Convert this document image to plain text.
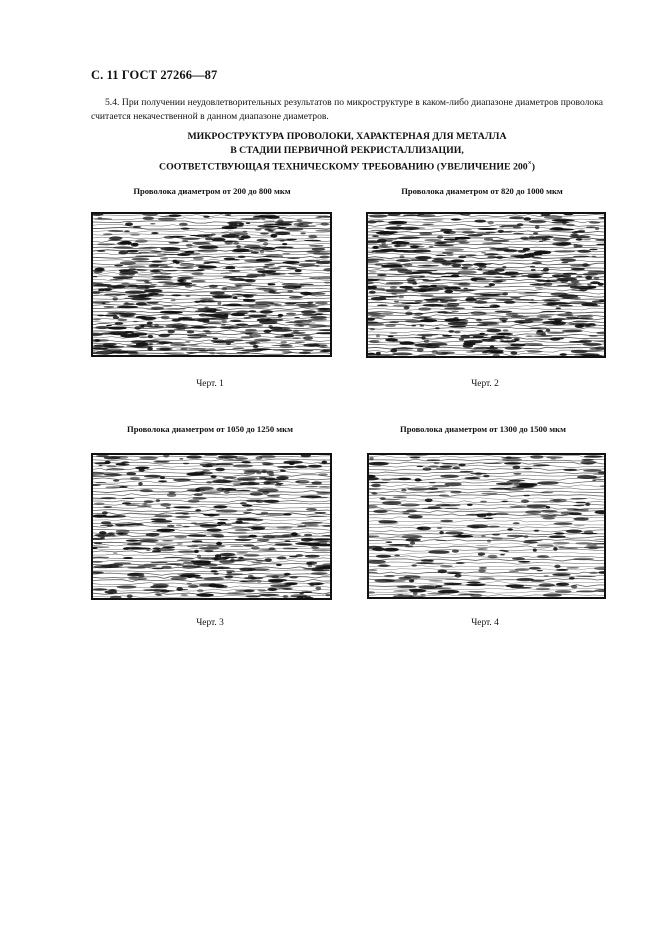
С. 11 ГОСТ 27266—87
5.4. При получении неудовлетворительных результатов по микроструктуре в каком-либо диапазоне диаметров проволока считается некачественной в данном диапазоне диаметров.
МИКРОСТРУКТУРА ПРОВОЛОКИ, ХАРАКТЕРНАЯ ДЛЯ МЕТАЛЛА
В СТАДИИ ПЕРВИЧНОЙ РЕКРИСТАЛЛИЗАЦИИ,
СООТВЕТСТВУЮЩАЯ ТЕХНИЧЕСКОМУ ТРЕБОВАНИЮ (УВЕЛИЧЕНИЕ 200×)
Проволока диаметром от 200 до 800 мкм
Черт. 1
Проволока диаметром от 820 до 1000 мкм
Черт. 2
Проволока диаметром от 1050 до 1250 мкм
Черт. 3
Проволока диаметром от 1300 до 1500 мкм
Черт. 4
